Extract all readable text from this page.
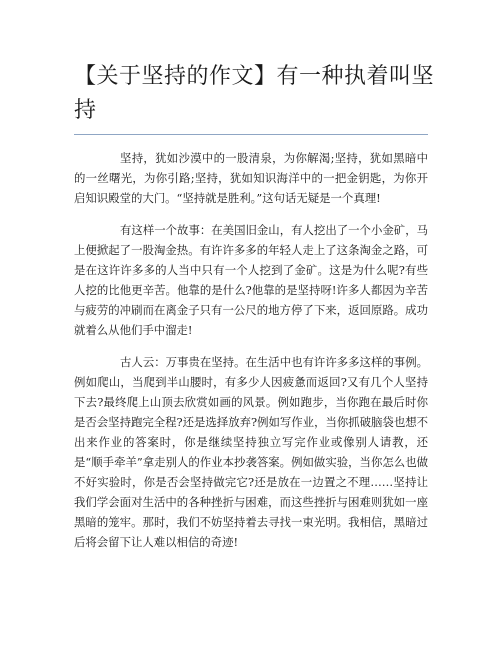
【关于坚持的作文】有一种执着叫坚持

坚持，犹如沙漠中的一股清泉，为你解渴;坚持，犹如黑暗中的一丝曙光，为你引路;坚持，犹如知识海洋中的一把金钥匙，为你开启知识殿堂的大门。“坚持就是胜利。”这句话无疑是一个真理!

有这样一个故事：在美国旧金山，有人挖出了一个小金矿，马上便掀起了一股淘金热。有许许多多的年轻人走上了这条淘金之路，可是在这许许多多的人当中只有一个人挖到了金矿。这是为什么呢?有些人挖的比他更辛苦。他靠的是什么?他靠的是坚持呀!许多人都因为辛苦与疲劳的冲刷而在离金子只有一公尺的地方停了下来，返回原路。成功就着么从他们手中溜走!

古人云：万事贵在坚持。在生活中也有许许多多这样的事例。例如爬山，当爬到半山腰时，有多少人因疲惫而返回?又有几个人坚持下去?最终爬上山顶去欣赏如画的风景。例如跑步，当你跑在最后时你是否会坚持跑完全程?还是选择放弃?例如写作业，当你抓破脑袋也想不出来作业的答案时，你是继续坚持独立写完作业或像别人请教，还是“顺手牵羊”拿走别人的作业本抄袭答案。例如做实验，当你怎么也做不好实验时，你是否会坚持做完它?还是放在一边置之不理……坚持让我们学会面对生活中的各种挫折与困难，而这些挫折与困难则犹如一座黑暗的笼牢。那时，我们不妨坚持着去寻找一束光明。我相信，黑暗过后将会留下让人难以相信的奇迹!
